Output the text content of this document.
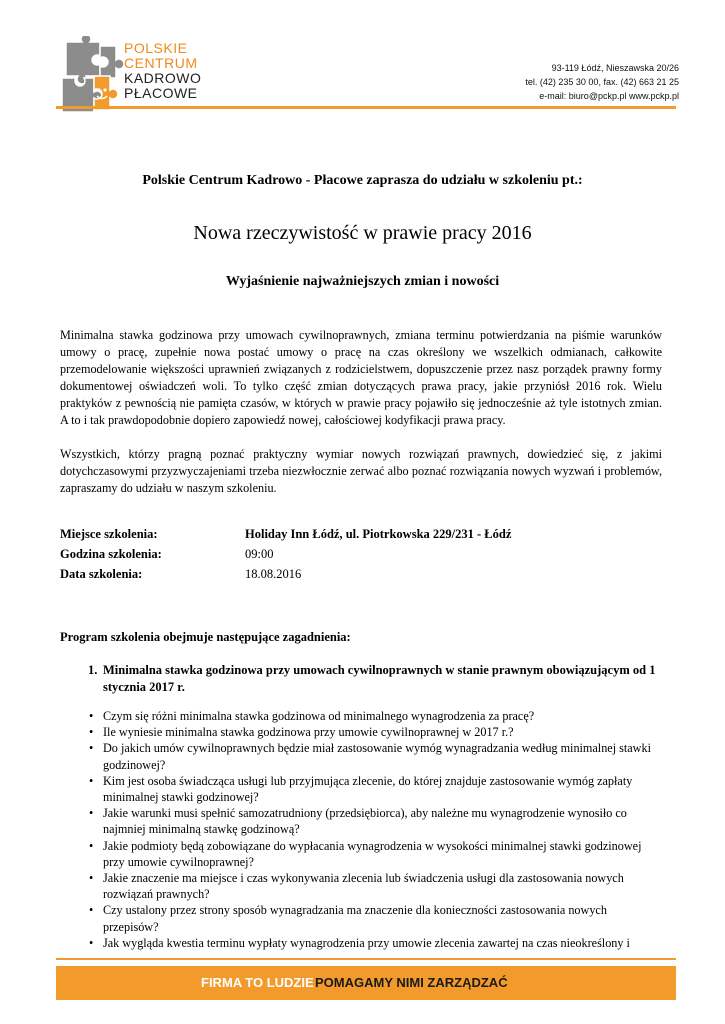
POLSKIE
CENTRUM
KADROWO
PŁACOWE
93-119 Łódź, Nieszawska 20/26
tel. (42) 235 30 00, fax. (42) 663 21 25
e-mail: biuro@pckp.pl www.pckp.pl
Polskie Centrum Kadrowo - Płacowe zaprasza do udziału w szkoleniu pt.:
Nowa rzeczywistość w prawie pracy 2016
Wyjaśnienie najważniejszych zmian i nowości

Minimalna stawka godzinowa przy umowach cywilnoprawnych, zmiana terminu potwierdzania na piśmie warunków umowy o pracę, zupełnie nowa postać umowy o pracę na czas określony we wszelkich odmianach, całkowite przemodelowanie większości uprawnień związanych z rodzicielstwem, dopuszczenie przez nasz porządek prawny formy dokumentowej oświadczeń woli. To tylko część zmian dotyczących prawa pracy, jakie przyniósł 2016 rok. Wielu praktyków z pewnością nie pamięta czasów, w których w prawie pracy pojawiło się jednocześnie aż tyle istotnych zmian. A to i tak prawdopodobnie dopiero zapowiedź nowej, całościowej kodyfikacji prawa pracy.

Wszystkich, którzy pragną poznać praktyczny wymiar nowych rozwiązań prawnych, dowiedzieć się, z jakimi dotychczasowymi przyzwyczajeniami trzeba niezwłocznie zerwać albo poznać rozwiązania nowych wyzwań i problemów, zapraszamy do udziału w naszym szkoleniu.

Miejsce szkolenia:	Holiday Inn Łódź, ul. Piotrkowska 229/231 - Łódź
Godzina szkolenia:	09:00
Data szkolenia:	18.08.2016
Program szkolenia obejmuje następujące zagadnienia:
1. Minimalna stawka godzinowa przy umowach cywilnoprawnych w stanie prawnym obowiązującym od 1 stycznia 2017 r.
• Czym się różni minimalna stawka godzinowa od minimalnego wynagrodzenia za pracę?
• Ile wyniesie minimalna stawka godzinowa przy umowie cywilnoprawnej w 2017 r.?
• Do jakich umów cywilnoprawnych będzie miał zastosowanie wymóg wynagradzania według minimalnej stawki godzinowej?
• Kim jest osoba świadcząca usługi lub przyjmująca zlecenie, do której znajduje zastosowanie wymóg zapłaty minimalnej stawki godzinowej?
• Jakie warunki musi spełnić samozatrudniony (przedsiębiorca), aby należne mu wynagrodzenie wynosiło co najmniej minimalną stawkę godzinową?
• Jakie podmioty będą zobowiązane do wypłacania wynagrodzenia w wysokości minimalnej stawki godzinowej przy umowie cywilnoprawnej?
• Jakie znaczenie ma miejsce i czas wykonywania zlecenia lub świadczenia usługi dla zastosowania nowych rozwiązań prawnych?
• Czy ustalony przez strony sposób wynagradzania ma znaczenie dla konieczności zastosowania nowych przepisów?
• Jak wygląda kwestia terminu wypłaty wynagrodzenia przy umowie zlecenia zawartej na czas nieokreślony i
FIRMA TO LUDZIE POMAGAMY NIMI ZARZĄDZAĆ
